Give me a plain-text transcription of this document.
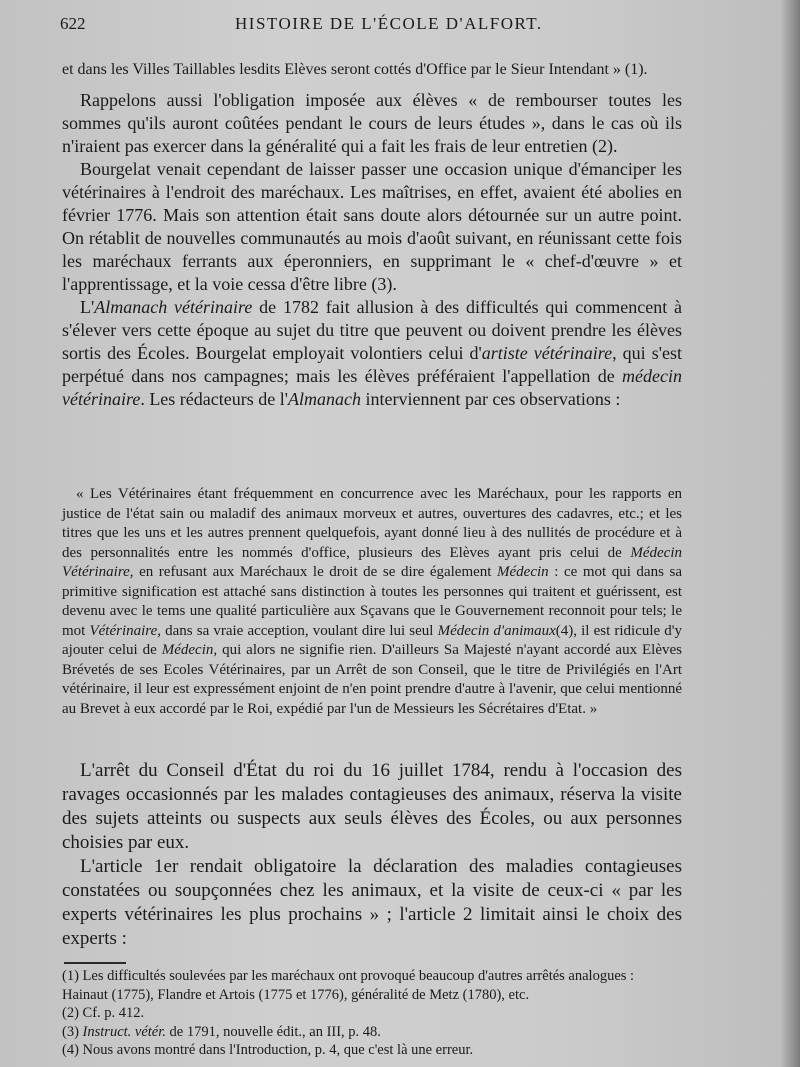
622	HISTOIRE DE L'ÉCOLE D'ALFORT.

et dans les Villes Taillables lesdits Elèves seront cottés d'Office par le Sieur Intendant » (1).

Rappelons aussi l'obligation imposée aux élèves « de rembourser toutes les sommes qu'ils auront coûtées pendant le cours de leurs études », dans le cas où ils n'iraient pas exercer dans la généralité qui a fait les frais de leur entretien (2).

Bourgelat venait cependant de laisser passer une occasion unique d'émanciper les vétérinaires à l'endroit des maréchaux. Les maîtrises, en effet, avaient été abolies en février 1776. Mais son attention était sans doute alors détournée sur un autre point. On rétablit de nouvelles communautés au mois d'août suivant, en réunissant cette fois les maréchaux ferrants aux éperonniers, en supprimant le « chef-d'œuvre » et l'apprentissage, et la voie cessa d'être libre (3).

L'Almanach vétérinaire de 1782 fait allusion à des difficultés qui commencent à s'élever vers cette époque au sujet du titre que peuvent ou doivent prendre les élèves sortis des Écoles. Bourgelat employait volontiers celui d'artiste vétérinaire, qui s'est perpétué dans nos campagnes; mais les élèves préféraient l'appellation de médecin vétérinaire. Les rédacteurs de l'Almanach interviennent par ces observations :

« Les Vétérinaires étant fréquemment en concurrence avec les Maréchaux, pour les rapports en justice de l'état sain ou maladif des animaux morveux et autres, ouvertures des cadavres, etc.; et les titres que les uns et les autres prennent quelquefois, ayant donné lieu à des nullités de procédure et à des personnalités entre les nommés d'office, plusieurs des Elèves ayant pris celui de Médecin Vétérinaire, en refusant aux Maréchaux le droit de se dire également Médecin : ce mot qui dans sa primitive signification est attaché sans distinction à toutes les personnes qui traitent et guérissent, est devenu avec le tems une qualité particulière aux Sçavans que le Gouvernement reconnoit pour tels; le mot Vétérinaire, dans sa vraie acception, voulant dire lui seul Médecin d'animaux(4), il est ridicule d'y ajouter celui de Médecin, qui alors ne signifie rien. D'ailleurs Sa Majesté n'ayant accordé aux Elèves Brévetés de ses Ecoles Vétérinaires, par un Arrêt de son Conseil, que le titre de Privilégiés en l'Art vétérinaire, il leur est expressément enjoint de n'en point prendre d'autre à l'avenir, que celui mentionné au Brevet à eux accordé par le Roi, expédié par l'un de Messieurs les Sécrétaires d'Etat. »

L'arrêt du Conseil d'État du roi du 16 juillet 1784, rendu à l'occasion des ravages occasionnés par les malades contagieuses des animaux, réserva la visite des sujets atteints ou suspects aux seuls élèves des Écoles, ou aux personnes choisies par eux.

L'article 1er rendait obligatoire la déclaration des maladies contagieuses constatées ou soupçonnées chez les animaux, et la visite de ceux-ci « par les experts vétérinaires les plus prochains » ; l'article 2 limitait ainsi le choix des experts :

(1) Les difficultés soulevées par les maréchaux ont provoqué beaucoup d'autres arrêtés analogues : Hainaut (1775), Flandre et Artois (1775 et 1776), généralité de Metz (1780), etc.
(2) Cf. p. 412.
(3) Instruct. vétér. de 1791, nouvelle édit., an III, p. 48.
(4) Nous avons montré dans l'Introduction, p. 4, que c'est là une erreur.
